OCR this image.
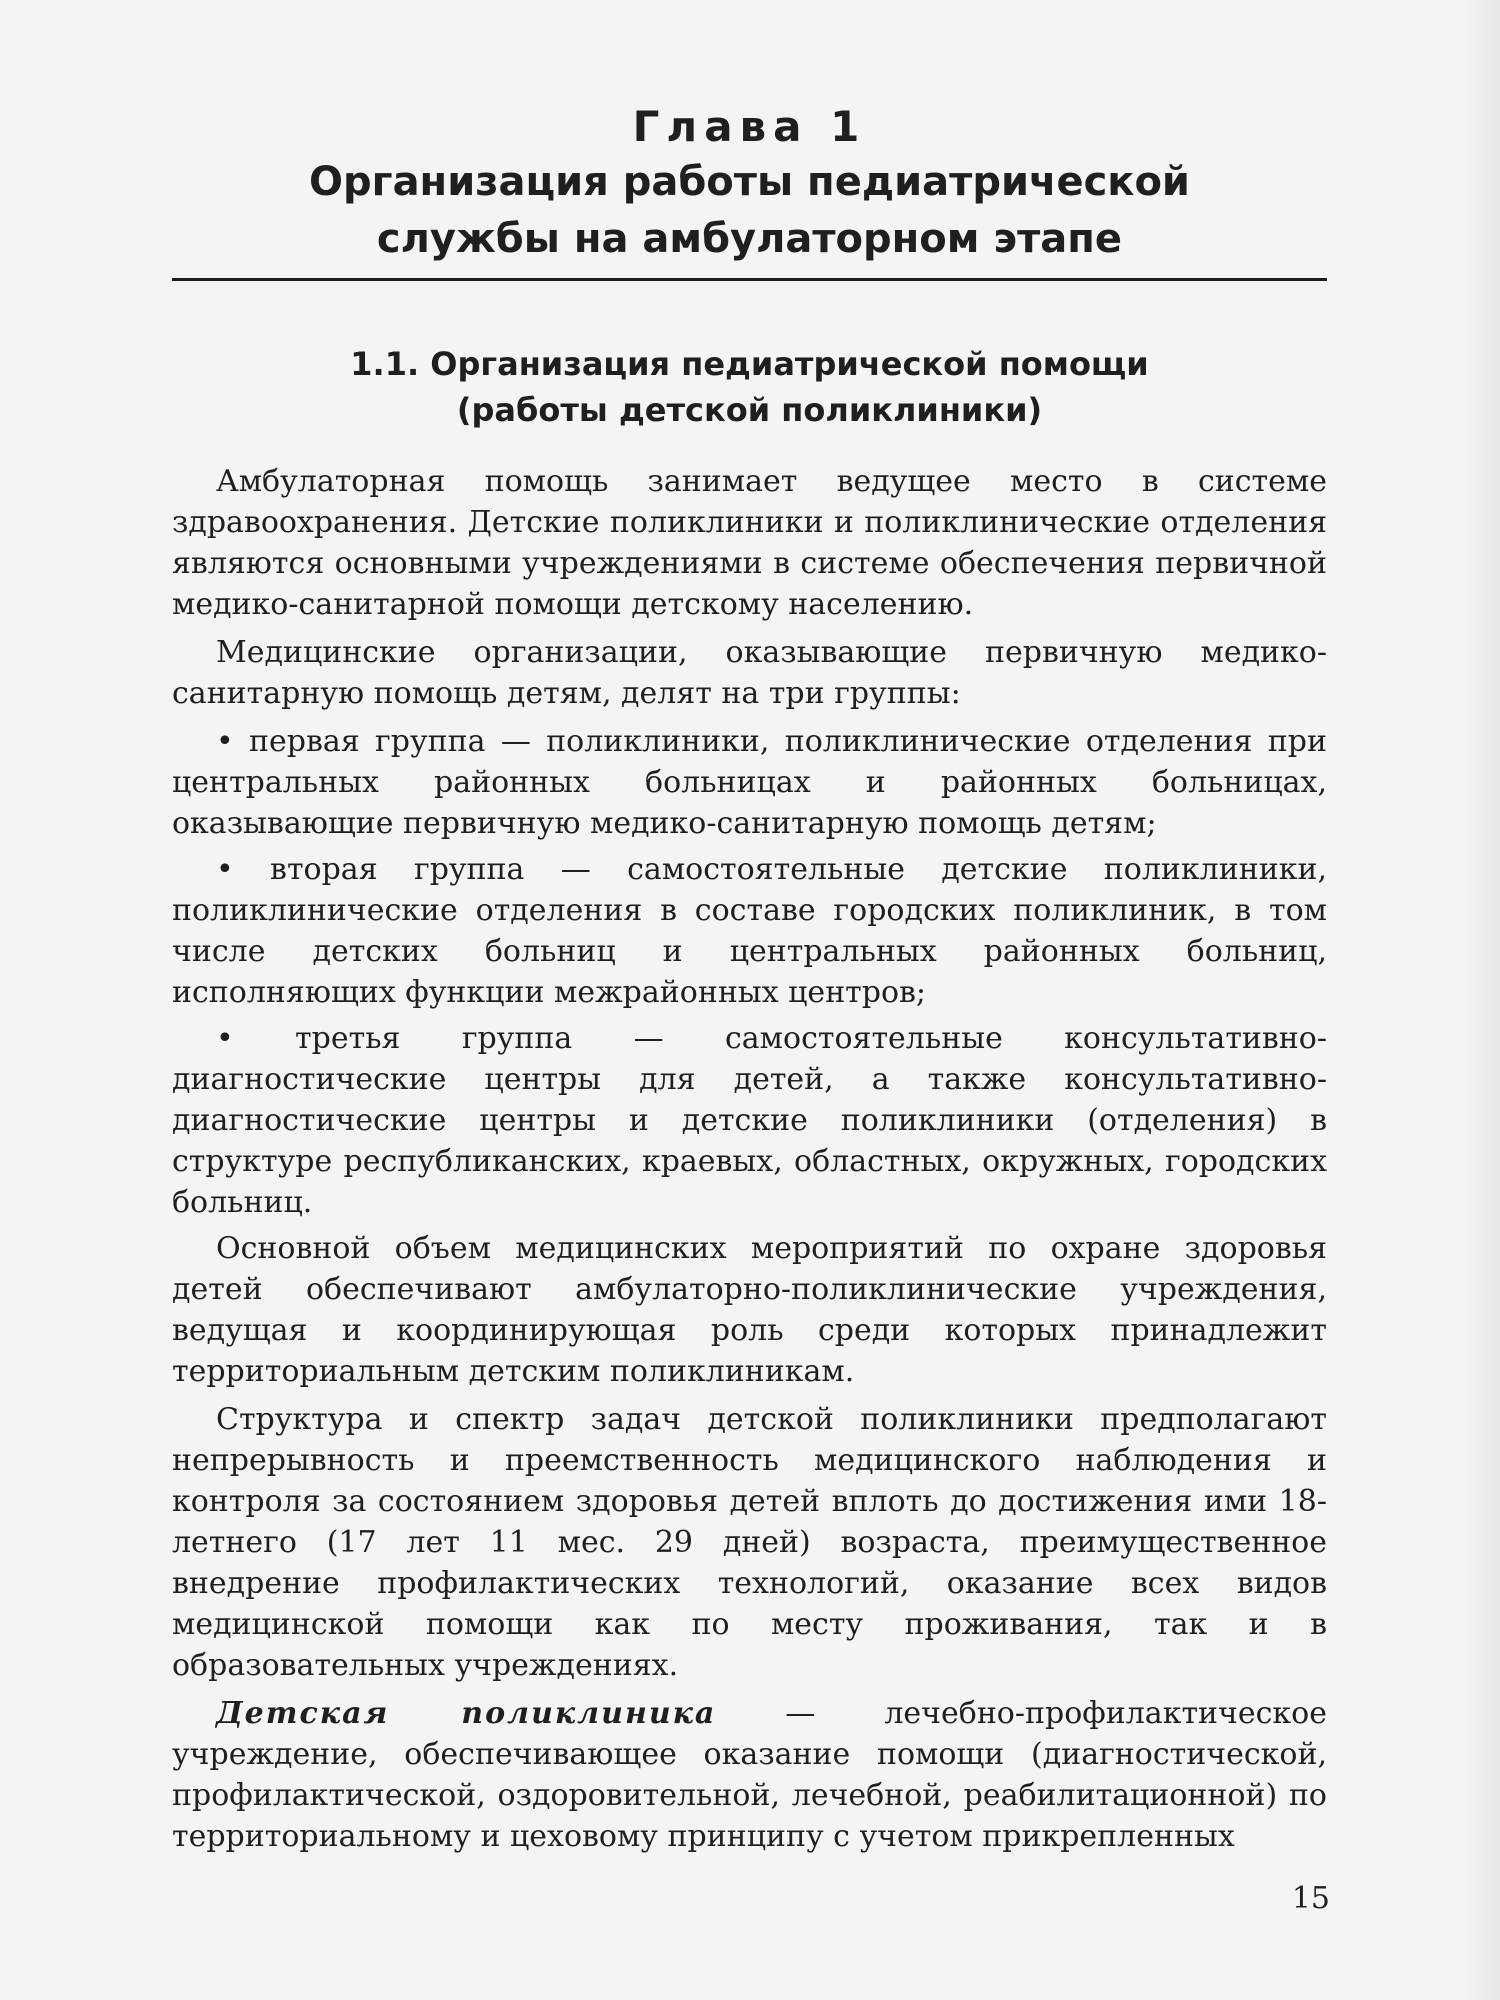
Глава 1
Организация работы педиатрической
службы на амбулаторном этапе
1.1. Организация педиатрической помощи
(работы детской поликлиники)

Амбулаторная помощь занимает ведущее место в системе здравоохранения. Детские поликлиники и поликлинические отделения являются основными учреждениями в системе обеспечения первичной медико-санитарной помощи детскому населению.

Медицинские организации, оказывающие первичную медико-санитарную помощь детям, делят на три группы:

• первая группа — поликлиники, поликлинические отделения при центральных районных больницах и районных больницах, оказывающие первичную медико-санитарную помощь детям;

• вторая группа — самостоятельные детские поликлиники, поликлинические отделения в составе городских поликлиник, в том числе детских больниц и центральных районных больниц, исполняющих функции межрайонных центров;

• третья группа — самостоятельные консультативно-диагностические центры для детей, а также консультативно-диагностические центры и детские поликлиники (отделения) в структуре республиканских, краевых, областных, окружных, городских больниц.

Основной объем медицинских мероприятий по охране здоровья детей обеспечивают амбулаторно-поликлинические учреждения, ведущая и координирующая роль среди которых принадлежит территориальным детским поликлиникам.

Структура и спектр задач детской поликлиники предполагают непрерывность и преемственность медицинского наблюдения и контроля за состоянием здоровья детей вплоть до достижения ими 18-летнего (17 лет 11 мес. 29 дней) возраста, преимущественное внедрение профилактических технологий, оказание всех видов медицинской помощи как по месту проживания, так и в образовательных учреждениях.

Детская поликлиника — лечебно-профилактическое учреждение, обеспечивающее оказание помощи (диагностической, профилактической, оздоровительной, лечебной, реабилитационной) по территориальному и цеховому принципу с учетом прикрепленных

15
